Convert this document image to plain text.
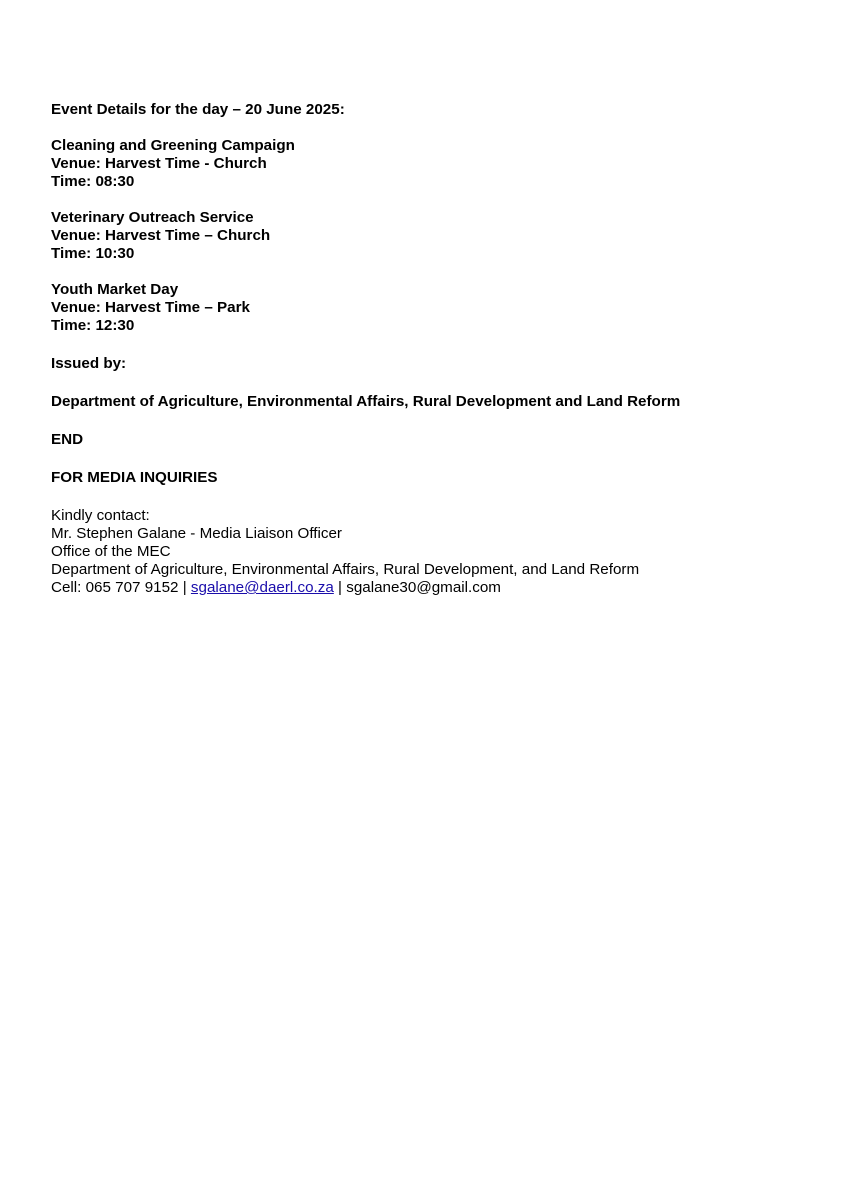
Event Details for the day – 20 June 2025:
Cleaning and Greening Campaign
Venue: Harvest Time - Church
Time: 08:30
Veterinary Outreach Service
Venue: Harvest Time – Church
Time: 10:30
Youth Market Day
Venue: Harvest Time – Park
Time: 12:30
Issued by:
Department of Agriculture, Environmental Affairs, Rural Development and Land Reform
END
FOR MEDIA INQUIRIES
Kindly contact:
Mr. Stephen Galane - Media Liaison Officer
Office of the MEC
Department of Agriculture, Environmental Affairs, Rural Development, and Land Reform
Cell: 065 707 9152 | sgalane@daerl.co.za | sgalane30@gmail.com
